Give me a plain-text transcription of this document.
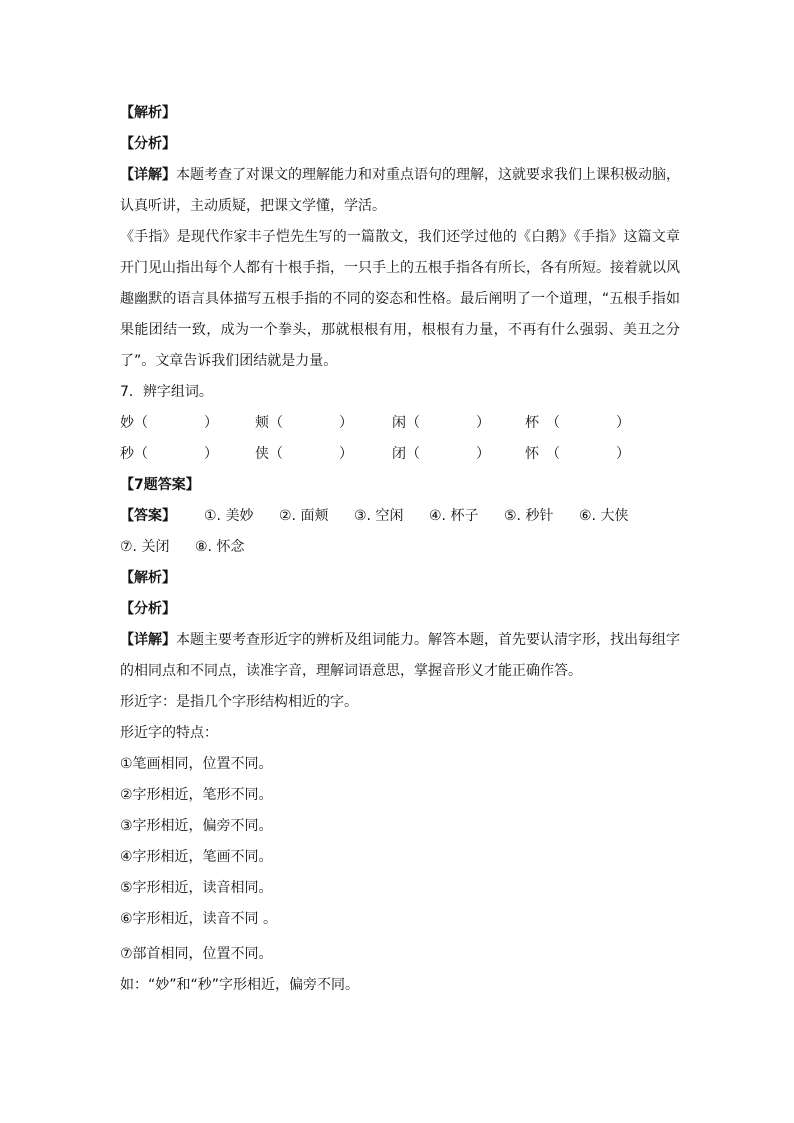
【解析】
【分析】
【详解】本题考查了对课文的理解能力和对重点语句的理解，这就要求我们上课积极动脑，认真听讲，主动质疑，把课文学懂，学活。
《手指》是现代作家丰子恺先生写的一篇散文，我们还学过他的《白鹅》《手指》这篇文章开门见山指出每个人都有十根手指，一只手上的五根手指各有所长，各有所短。接着就以风趣幽默的语言具体描写五根手指的不同的姿态和性格。最后阐明了一个道理，“五根手指如果能团结一致，成为一个拳头，那就根根有用，根根有力量，不再有什么强弱、美丑之分了”。文章告诉我们团结就是力量。
7．辨字组词。
妙（　　　　）	颊（　　　　）	闲（　　　　）	杯　（　　　　）
秒（　　　　）	侠（　　　　）	闭（　　　　）	怀　（　　　　）
【7题答案】
【答案】	①. 美妙	②. 面颊	③. 空闲	④. 杯子	⑤. 秒针	⑥. 大侠
⑦. 关闭	⑧. 怀念
【解析】
【分析】
【详解】本题主要考查形近字的辨析及组词能力。解答本题，首先要认清字形，找出每组字的相同点和不同点，读准字音，理解词语意思，掌握音形义才能正确作答。
形近字：是指几个字形结构相近的字。
形近字的特点：
①笔画相同，位置不同。
②字形相近，笔形不同。
③字形相近，偏旁不同。
④字形相近，笔画不同。
⑤字形相近，读音相同。
⑥字形相近，读音不同 。
⑦部首相同，位置不同。
如：“妙”和“秒”字形相近，偏旁不同。
